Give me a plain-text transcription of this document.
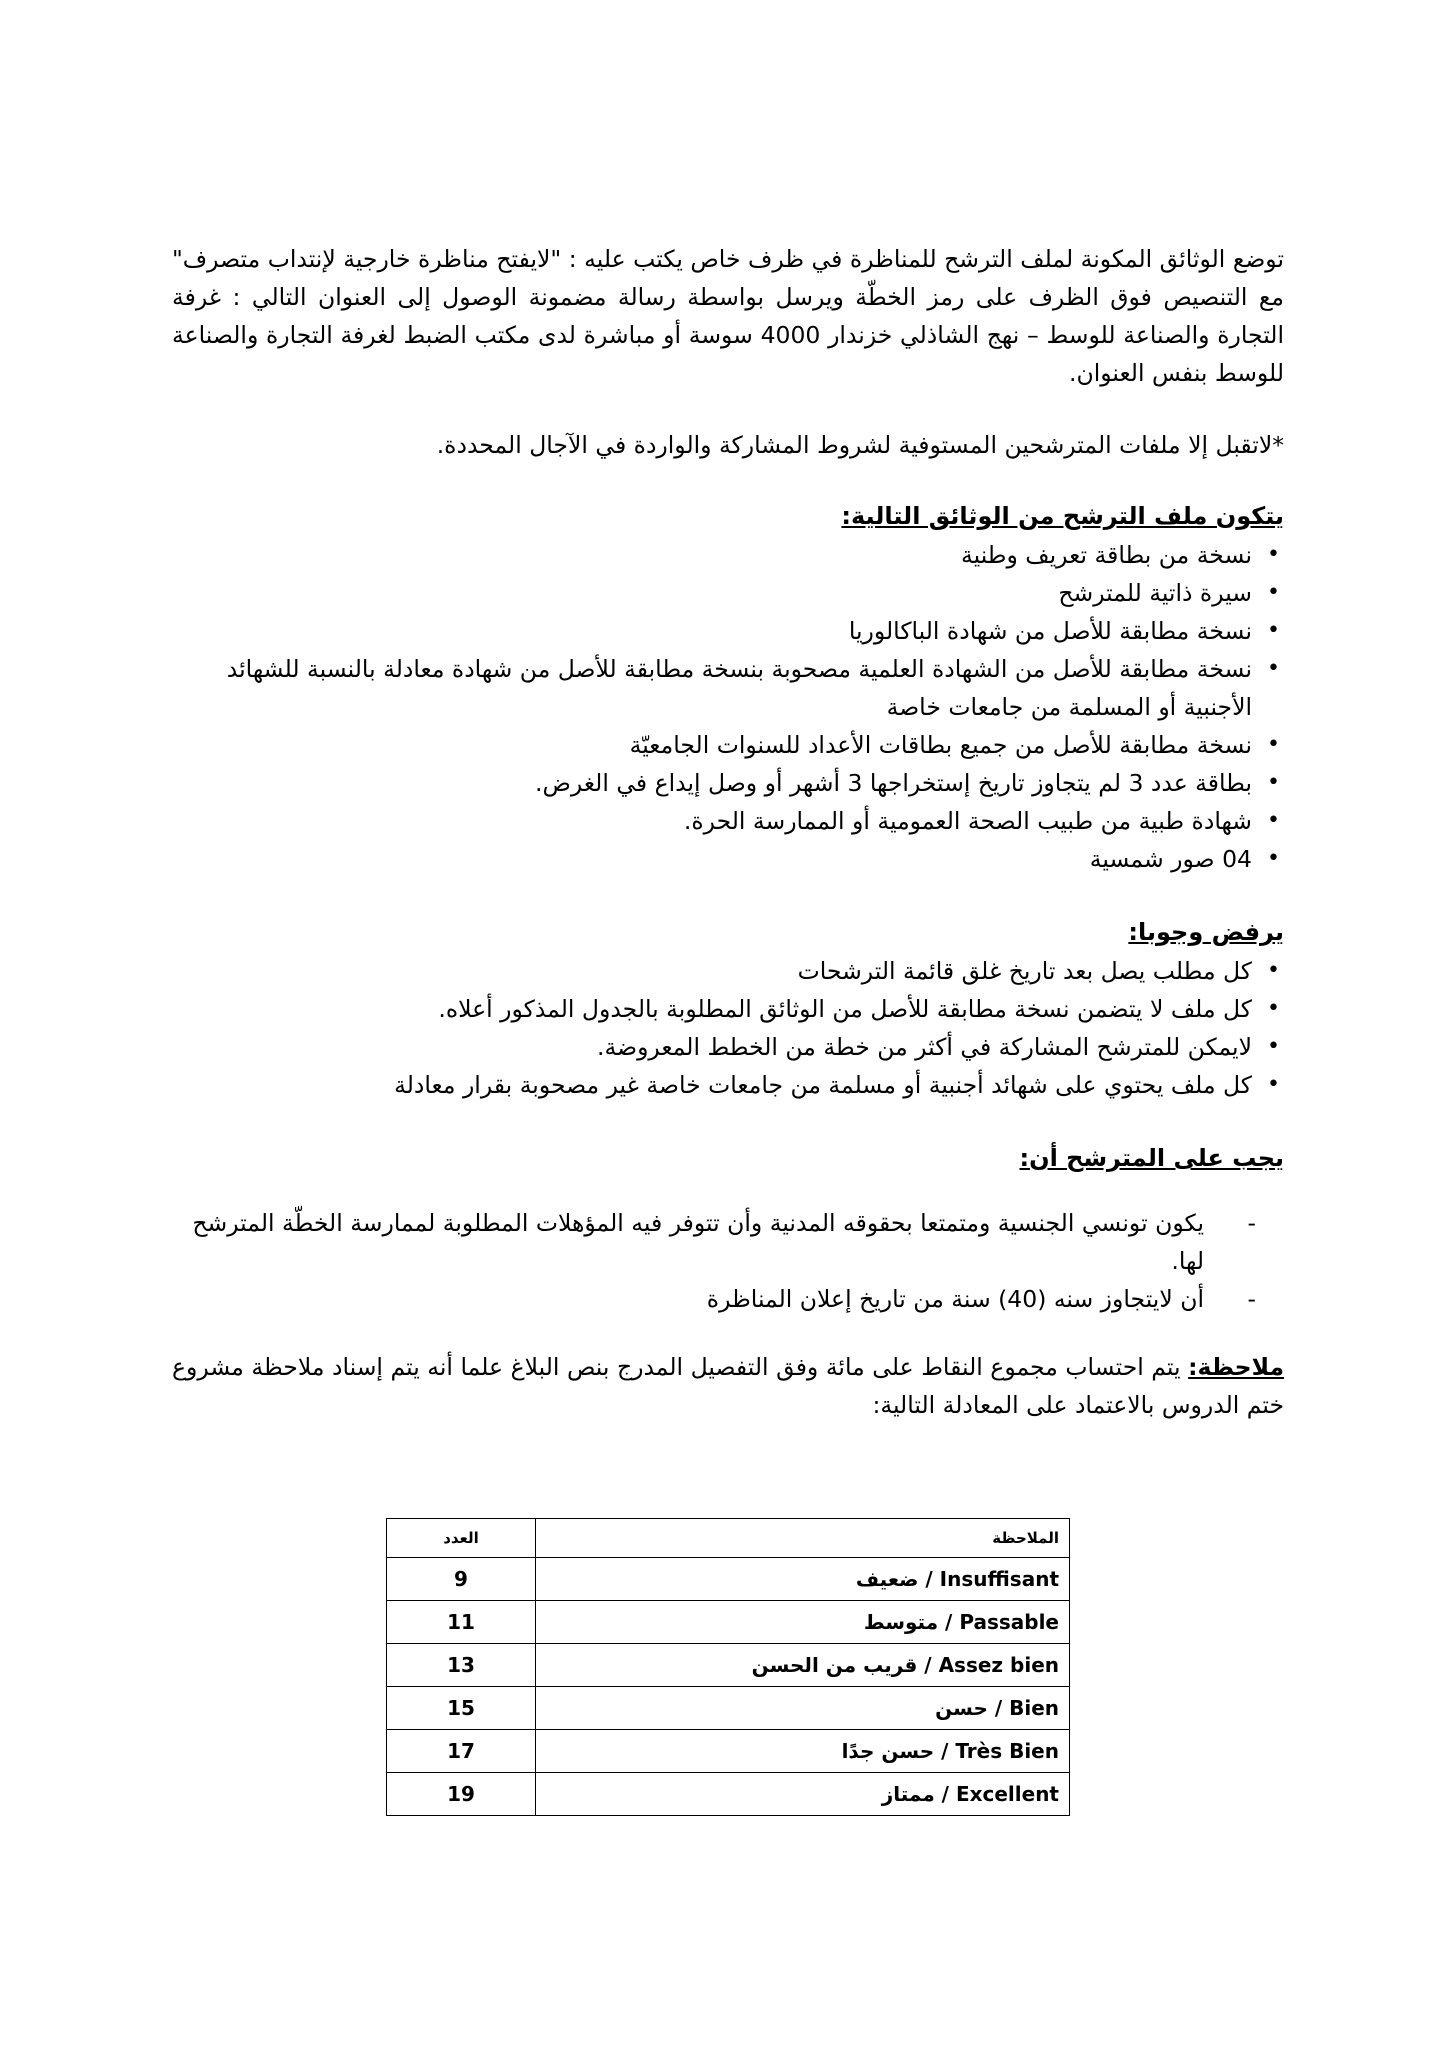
توضع الوثائق المكونة لملف الترشح للمناظرة في ظرف خاص يكتب عليه : "لايفتح مناظرة خارجية لإنتداب متصرف" مع التنصيص فوق الظرف على رمز الخطّة ويرسل بواسطة رسالة مضمونة الوصول إلى العنوان التالي : غرفة التجارة والصناعة للوسط – نهج الشاذلي خزندار 4000 سوسة أو مباشرة لدى مكتب الضبط لغرفة التجارة والصناعة للوسط بنفس العنوان.

*لاتقبل إلا ملفات المترشحين المستوفية لشروط المشاركة والواردة في الآجال المحددة.

يتكون ملف الترشح من الوثائق التالية:
• نسخة من بطاقة تعريف وطنية
• سيرة ذاتية للمترشح
• نسخة مطابقة للأصل من شهادة الباكالوريا
• نسخة مطابقة للأصل من الشهادة العلمية مصحوبة بنسخة مطابقة للأصل من شهادة معادلة بالنسبة للشهائد الأجنبية أو المسلمة من جامعات خاصة
• نسخة مطابقة للأصل من جميع بطاقات الأعداد للسنوات الجامعيّة
• بطاقة عدد 3 لم يتجاوز تاريخ إستخراجها 3 أشهر أو وصل إيداع في الغرض.
• شهادة طبية من طبيب الصحة العمومية أو الممارسة الحرة.
• 04 صور شمسية
يرفض وجوبا:
• كل مطلب يصل بعد تاريخ غلق قائمة الترشحات
• كل ملف لا يتضمن نسخة مطابقة للأصل من الوثائق المطلوبة بالجدول المذكور أعلاه.
• لايمكن للمترشح المشاركة في أكثر من خطة من الخطط المعروضة.
• كل ملف يحتوي على شهائد أجنبية أو مسلمة من جامعات خاصة غير مصحوبة بقرار معادلة
يجب على المترشح أن:
- يكون تونسي الجنسية ومتمتعا بحقوقه المدنية وأن تتوفر فيه المؤهلات المطلوبة لممارسة الخطّة المترشح لها.
- أن لايتجاوز سنه (40) سنة من تاريخ إعلان المناظرة

ملاحظة: يتم احتساب مجموع النقاط على مائة وفق التفصيل المدرج بنص البلاغ علما أنه يتم إسناد ملاحظة مشروع ختم الدروس بالاعتماد على المعادلة التالية:

الملاحظة	العدد
Insuffisant / ضعيف	9
Passable / متوسط	11
Assez bien / قريب من الحسن	13
Bien / حسن	15
Très Bien / حسن جدًا	17
Excellent / ممتاز	19
